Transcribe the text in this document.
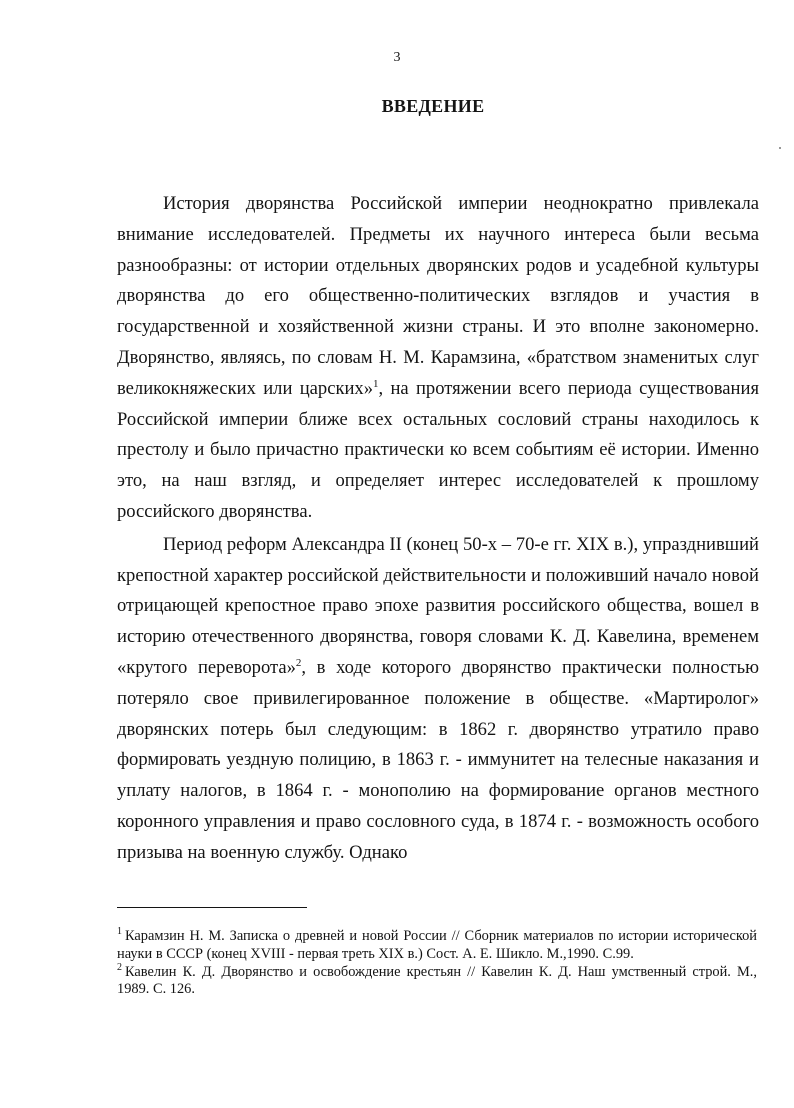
3
ВВЕДЕНИЕ

История дворянства Российской империи неоднократно привлекала внимание исследователей. Предметы их научного интереса были весьма разнообразны: от истории отдельных дворянских родов и усадебной культуры дворянства до его общественно-политических взглядов и участия в государственной и хозяйственной жизни страны. И это вполне закономерно. Дворянство, являясь, по словам Н. М. Карамзина, «братством знаменитых слуг великокняжеских или царских»$^1$, на протяжении всего периода существования Российской империи ближе всех остальных сословий страны находилось к престолу и было причастно практически ко всем событиям её истории. Именно это, на наш взгляд, и определяет интерес исследователей к прошлому российского дворянства.

Период реформ Александра II (конец 50-х – 70-е гг. XIX в.), упразднивший крепостной характер российской действительности и положивший начало новой отрицающей крепостное право эпохе развития российского общества, вошел в историю отечественного дворянства, говоря словами К. Д. Кавелина, временем «крутого переворота»$^2$, в ходе которого дворянство практически полностью потеряло свое привилегированное положение в обществе. «Мартиролог» дворянских потерь был следующим: в 1862 г. дворянство утратило право формировать уездную полицию, в 1863 г. - иммунитет на телесные наказания и уплату налогов, в 1864 г. - монополию на формирование органов местного коронного управления и право сословного суда, в 1874 г. - возможность особого призыва на военную службу. Однако

$^1$ Карамзин Н. М. Записка о древней и новой России // Сборник материалов по истории исторической науки в СССР (конец XVIII - первая треть XIX в.) Сост. А. Е. Шикло. М.,1990. С.99.

$^2$ Кавелин К. Д. Дворянство и освобождение крестьян // Кавелин К. Д. Наш умственный строй. М., 1989. С. 126.
